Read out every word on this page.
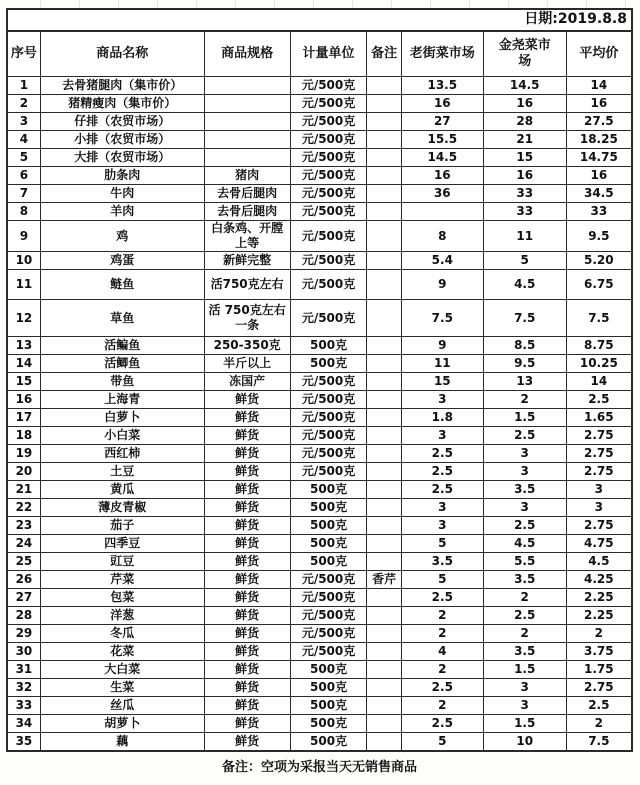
日期:2019.8.8							
序号	商品名称	商品规格	计量单位	备注	老街菜市场	金尧菜市场	平均价
1	去骨猪腿肉（集市价）		元/500克		13.5	14.5	14
2	猪精瘦肉（集市价）		元/500克		16	16	16
3	仔排（农贸市场）		元/500克		27	28	27.5
4	小排（农贸市场）		元/500克		15.5	21	18.25
5	大排（农贸市场）		元/500克		14.5	15	14.75
6	肋条肉	猪肉	元/500克		16	16	16
7	牛肉	去骨后腿肉	元/500克		36	33	34.5
8	羊肉	去骨后腿肉	元/500克			33	33
9	鸡	白条鸡、开膛 上等	元/500克		8	11	9.5
10	鸡蛋	新鲜完整	元/500克		5.4	5	5.20
11	鲢鱼	活750克左右	元/500克		9	4.5	6.75
12	草鱼	活 750克左右一条	元/500克		7.5	7.5	7.5
13	活鳊鱼	250-350克	500克		9	8.5	8.75
14	活鲫鱼	半斤以上	500克		11	9.5	10.25
15	带鱼	冻国产	元/500克		15	13	14
16	上海青	鲜货	元/500克		3	2	2.5
17	白萝卜	鲜货	元/500克		1.8	1.5	1.65
18	小白菜	鲜货	元/500克		3	2.5	2.75
19	西红柿	鲜货	元/500克		2.5	3	2.75
20	土豆	鲜货	元/500克		2.5	3	2.75
21	黄瓜	鲜货	500克		2.5	3.5	3
22	薄皮青椒	鲜货	500克		3	3	3
23	茄子	鲜货	500克		3	2.5	2.75
24	四季豆	鲜货	500克		5	4.5	4.75
25	豇豆	鲜货	500克		3.5	5.5	4.5
26	芹菜	鲜货	元/500克	香芹	5	3.5	4.25
27	包菜	鲜货	元/500克		2.5	2	2.25
28	洋葱	鲜货	元/500克		2	2.5	2.25
29	冬瓜	鲜货	元/500克		2	2	2
30	花菜	鲜货	元/500克		4	3.5	3.75
31	大白菜	鲜货	500克		2	1.5	1.75
32	生菜	鲜货	500克		2.5	3	2.75
33	丝瓜	鲜货	500克		2	3	2.5
34	胡萝卜	鲜货	500克		2.5	1.5	2
35	藕	鲜货	500克		5	10	7.5
备注：空项为采报当天无销售商品
